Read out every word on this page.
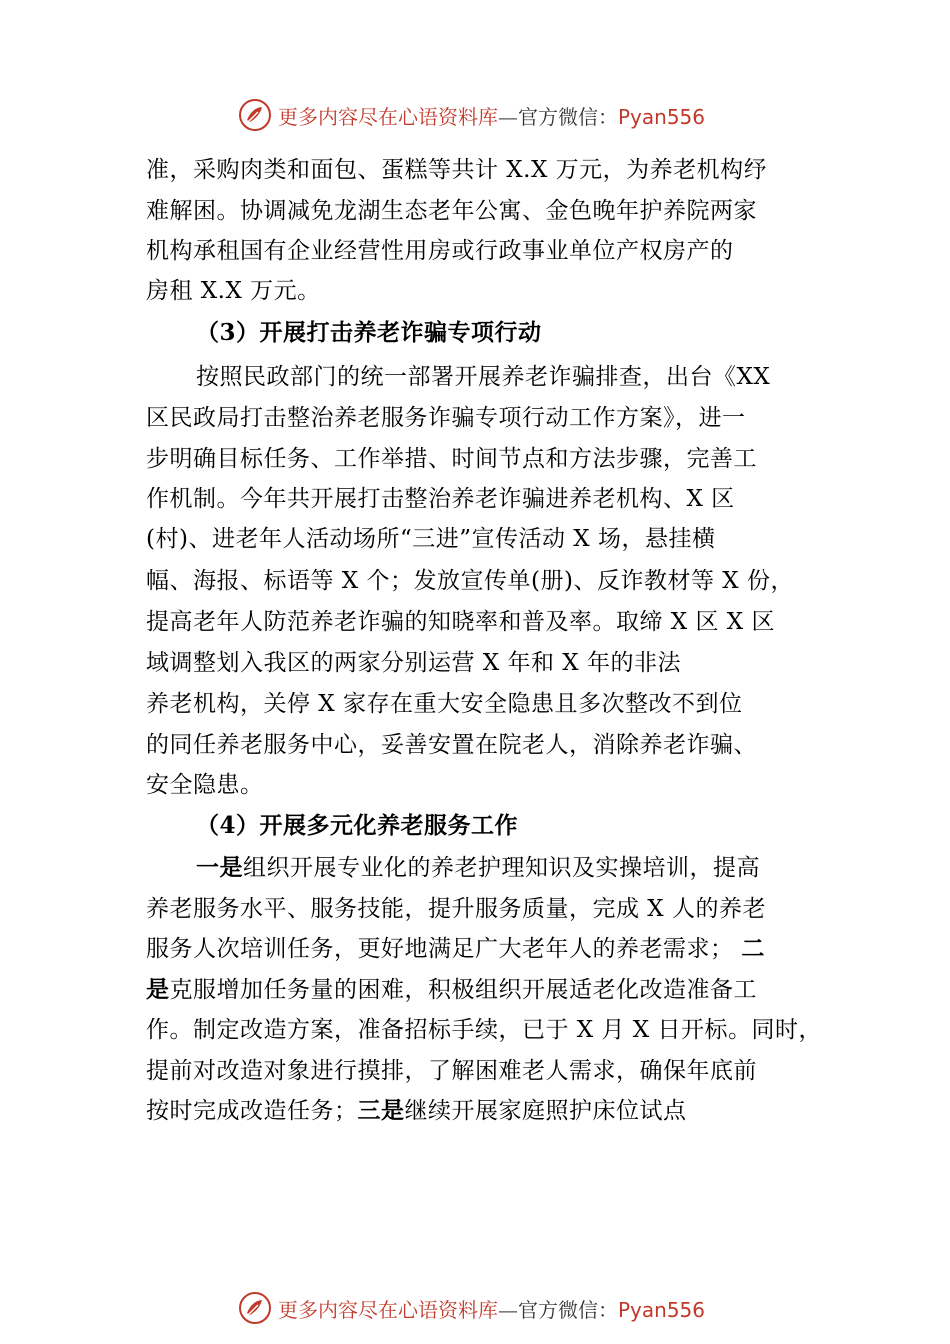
更多内容尽在心语资料库—官方微信：Pyan556
准，采购肉类和面包、蛋糕等共计 X.X 万元，为养老机构纾
难解困。协调减免龙湖生态老年公寓、金色晚年护养院两家
机构承租国有企业经营性用房或行政事业单位产权房产的
房租 X.X 万元。
（3）开展打击养老诈骗专项行动
按照民政部门的统一部署开展养老诈骗排查，出台《XX
区民政局打击整治养老服务诈骗专项行动工作方案》，进一
步明确目标任务、工作举措、时间节点和方法步骤，完善工
作机制。今年共开展打击整治养老诈骗进养老机构、X 区
(村)、进老年人活动场所“三进”宣传活动 X 场，悬挂横
幅、海报、标语等 X 个；发放宣传单(册)、反诈教材等 X 份，
提高老年人防范养老诈骗的知晓率和普及率。取缔 X 区 X 区
域调整划入我区的两家分别运营 X 年和 X 年的非法
养老机构，关停 X 家存在重大安全隐患且多次整改不到位
的同任养老服务中心，妥善安置在院老人，消除养老诈骗、
安全隐患。
（4）开展多元化养老服务工作
一是组织开展专业化的养老护理知识及实操培训，提高
养老服务水平、服务技能，提升服务质量，完成 X 人的养老
服务人次培训任务，更好地满足广大老年人的养老需求； 二
是克服增加任务量的困难，积极组织开展适老化改造准备工
作。制定改造方案，准备招标手续，已于 X 月 X 日开标。同时，
提前对改造对象进行摸排，了解困难老人需求，确保年底前
按时完成改造任务；三是继续开展家庭照护床位试点
更多内容尽在心语资料库—官方微信：Pyan556
